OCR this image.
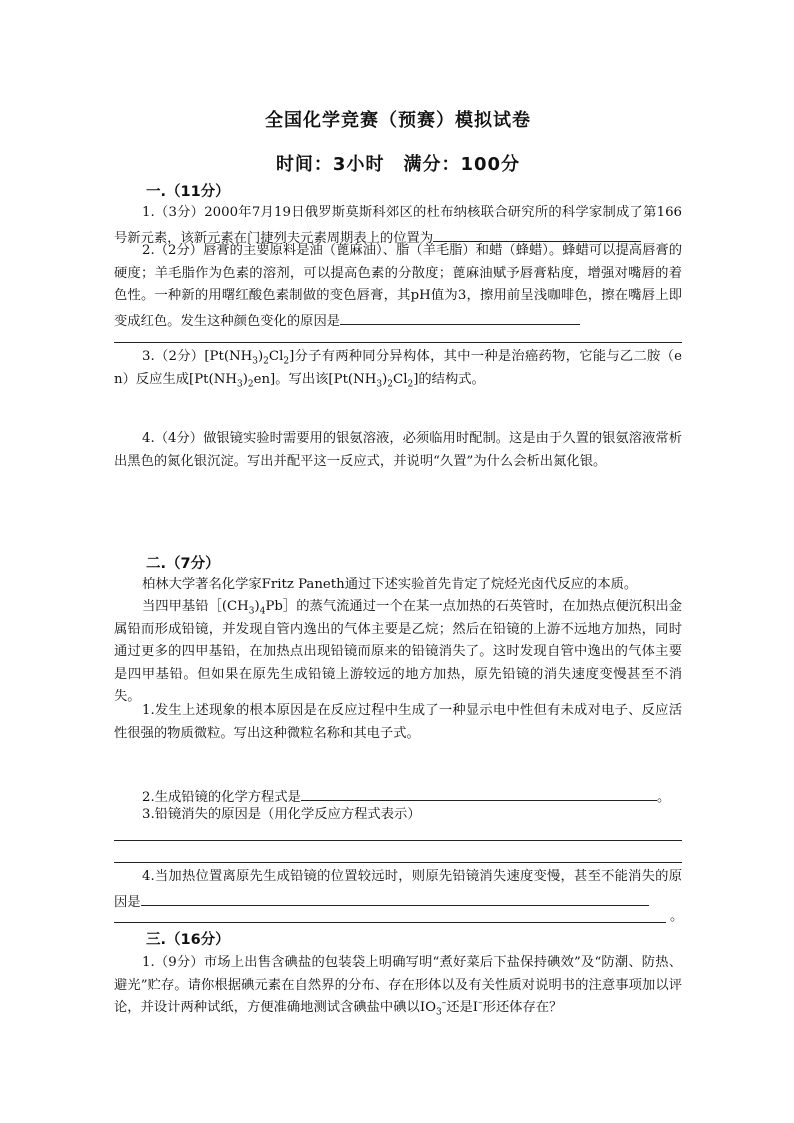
全国化学竞赛（预赛）模拟试卷
时间：3小时　满分：100分
一.（11分）
1.（3分）2000年7月19日俄罗斯莫斯科郊区的杜布纳核联合研究所的科学家制成了第166号新元素，该新元素在门捷列夫元素周期表上的位置为
2.（2分）唇膏的主要原料是油（蓖麻油）、脂（羊毛脂）和蜡（蜂蜡）。蜂蜡可以提高唇膏的硬度；羊毛脂作为色素的溶剂，可以提高色素的分散度；蓖麻油赋予唇膏粘度，增强对嘴唇的着色性。一种新的用曙红酸色素制做的变色唇膏，其pH值为3，擦用前呈浅咖啡色，擦在嘴唇上即变成红色。发生这种颜色变化的原因是
3.（2分）$[Pt(NH_3)_2Cl_2]$分子有两种同分异构体，其中一种是治癌药物，它能与乙二胺（en）反应生成$[Pt(NH_3)_2en]$。写出该$[Pt(NH_3)_2Cl_2]$的结构式。
4.（4分）做银镜实验时需要用的银氨溶液，必须临用时配制。这是由于久置的银氨溶液常析出黑色的氮化银沉淀。写出并配平这一反应式，并说明“久置”为什么会析出氮化银。
二.（7分）
柏林大学著名化学家Fritz Paneth通过下述实验首先肯定了烷烃光卤代反应的本质。
当四甲基铅$[(CH_3)_4Pb]$的蒸气流通过一个在某一点加热的石英管时，在加热点便沉积出金属铅而形成铅镜，并发现自管内逸出的气体主要是乙烷；然后在铅镜的上游不远地方加热，同时通过更多的四甲基铅，在加热点出现铅镜而原来的铅镜消失了。这时发现自管中逸出的气体主要是四甲基铅。但如果在原先生成铅镜上游较远的地方加热，原先铅镜的消失速度变慢甚至不消失。
1.发生上述现象的根本原因是在反应过程中生成了一种显示电中性但有未成对电子、反应活性很强的物质微粒。写出这种微粒名称和其电子式。
2.生成铅镜的化学方程式是	。
3.铅镜消失的原因是（用化学反应方程式表示）
4.当加热位置离原先生成铅镜的位置较远时，则原先铅镜消失速度变慢，甚至不能消失的原因是
。
三.（16分）
1.（9分）市场上出售含碘盐的包装袋上明确写明“煮好菜后下盐保持碘效”及“防潮、防热、避光”贮存。请你根据碘元素在自然界的分布、存在形体以及有关性质对说明书的注意事项加以评论，并设计两种试纸，方便准确地测试含碘盐中碘以$IO_3^-$还是I–形还体存在？
